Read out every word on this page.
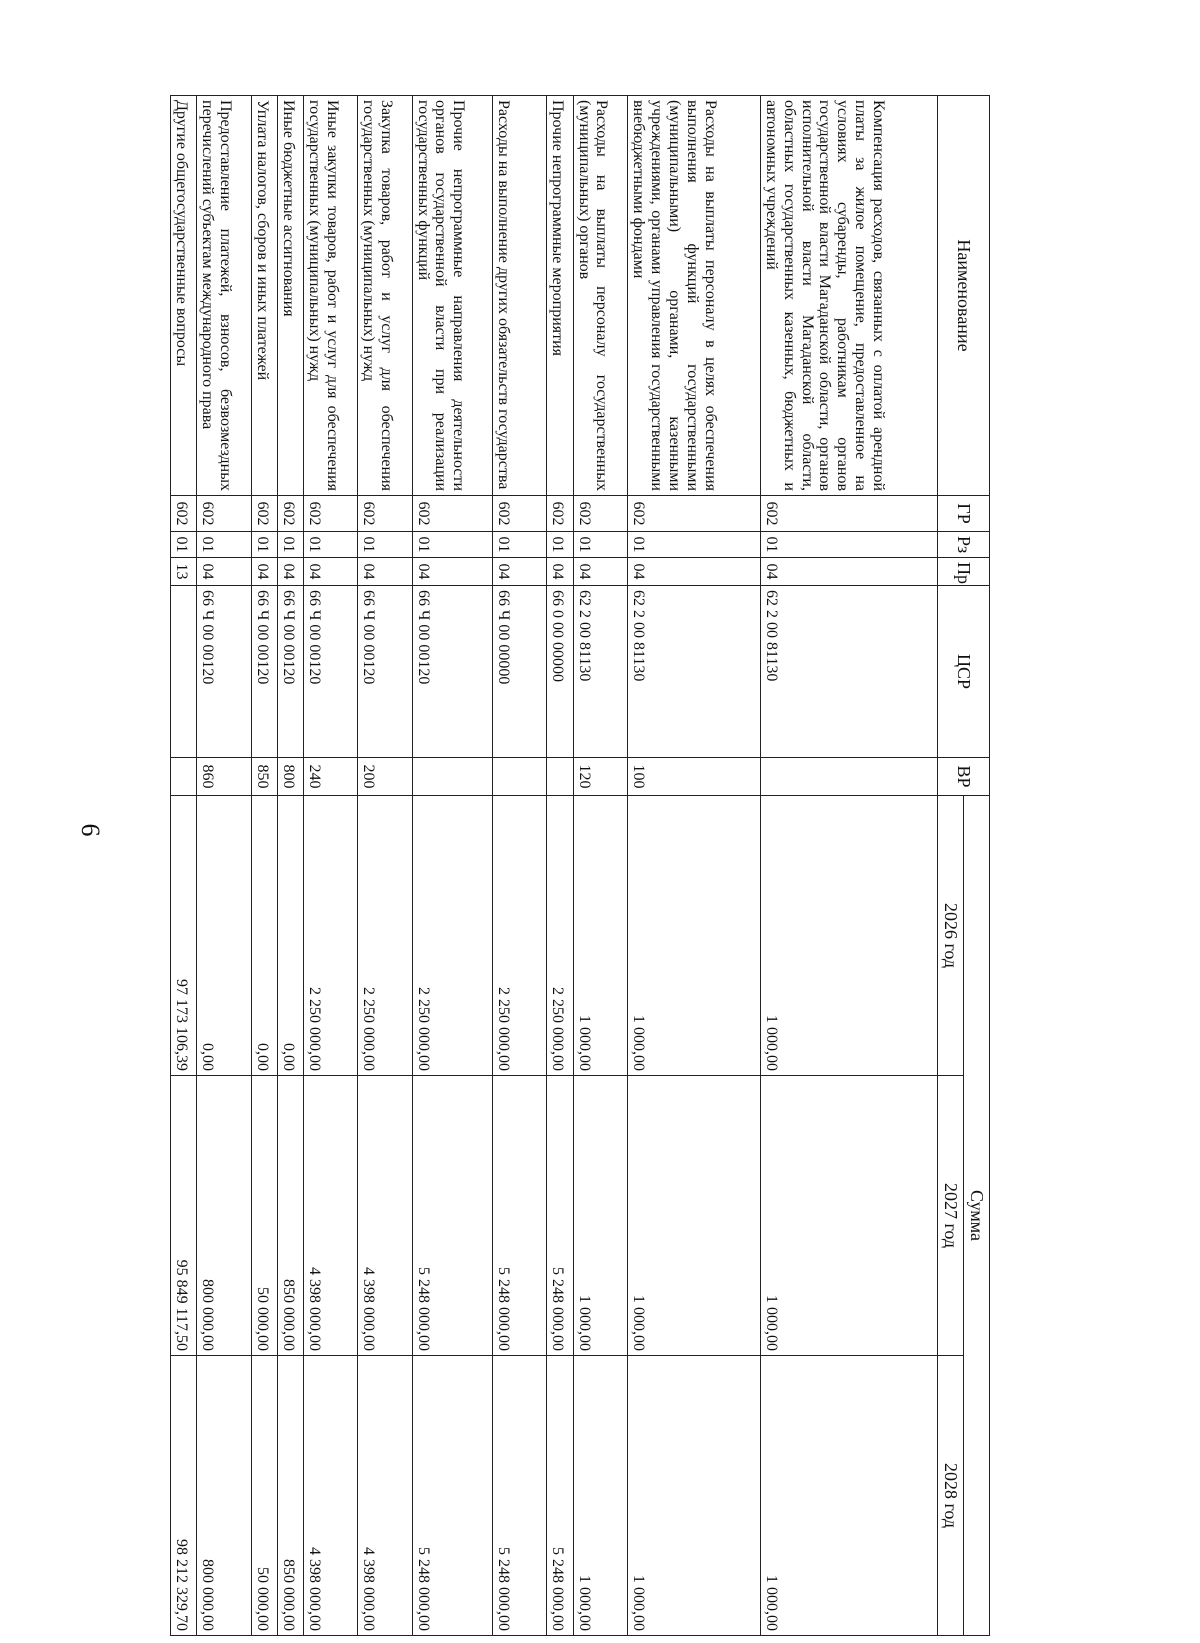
6
Наименование	ГР	Рз	Пр	ЦСР	ВР	Сумма		
						2026 год	2027 год	2028 год
Компенсация расходов, связанных с оплатой арендной платы за жилое помещение, предоставленное на условиях субаренды, работникам органов государственной власти Магаданской области, органов исполнительной власти Магаданской области, областных государственных казенных, бюджетных и автономных учреждений	602	01	04	62 2 00 81130		1 000,00	1 000,00	1 000,00
Расходы на выплаты персоналу в целях обеспечения выполнения функций государственными (муниципальными) органами, казенными учреждениями, органами управления государственными внебюджетными фондами	602	01	04	62 2 00 81130	100	1 000,00	1 000,00	1 000,00
Расходы на выплаты персоналу государственных (муниципальных) органов	602	01	04	62 2 00 81130	120	1 000,00	1 000,00	1 000,00
Прочие непрограммные мероприятия	602	01	04	66 0 00 00000		2 250 000,00	5 248 000,00	5 248 000,00
Расходы на выполнение других обязательств государства	602	01	04	66 Ч 00 00000		2 250 000,00	5 248 000,00	5 248 000,00
Прочие непрограммные направления деятельности органов государственной власти при реализации государственных функций	602	01	04	66 Ч 00 00120		2 250 000,00	5 248 000,00	5 248 000,00
Закупка товаров, работ и услуг для обеспечения государственных (муниципальных) нужд	602	01	04	66 Ч 00 00120	200	2 250 000,00	4 398 000,00	4 398 000,00
Иные закупки товаров, работ и услуг для обеспечения государственных (муниципальных) нужд	602	01	04	66 Ч 00 00120	240	2 250 000,00	4 398 000,00	4 398 000,00
Иные бюджетные ассигнования	602	01	04	66 Ч 00 00120	800	0,00	850 000,00	850 000,00
Уплата налогов, сборов и иных платежей	602	01	04	66 Ч 00 00120	850	0,00	50 000,00	50 000,00
Предоставление платежей, взносов, безвозмездных перечислений субъектам международного права	602	01	04	66 Ч 00 00120	860	0,00	800 000,00	800 000,00
Другие общегосударственные вопросы	602	01	13			97 173 106,39	95 849 117,50	98 212 329,70
